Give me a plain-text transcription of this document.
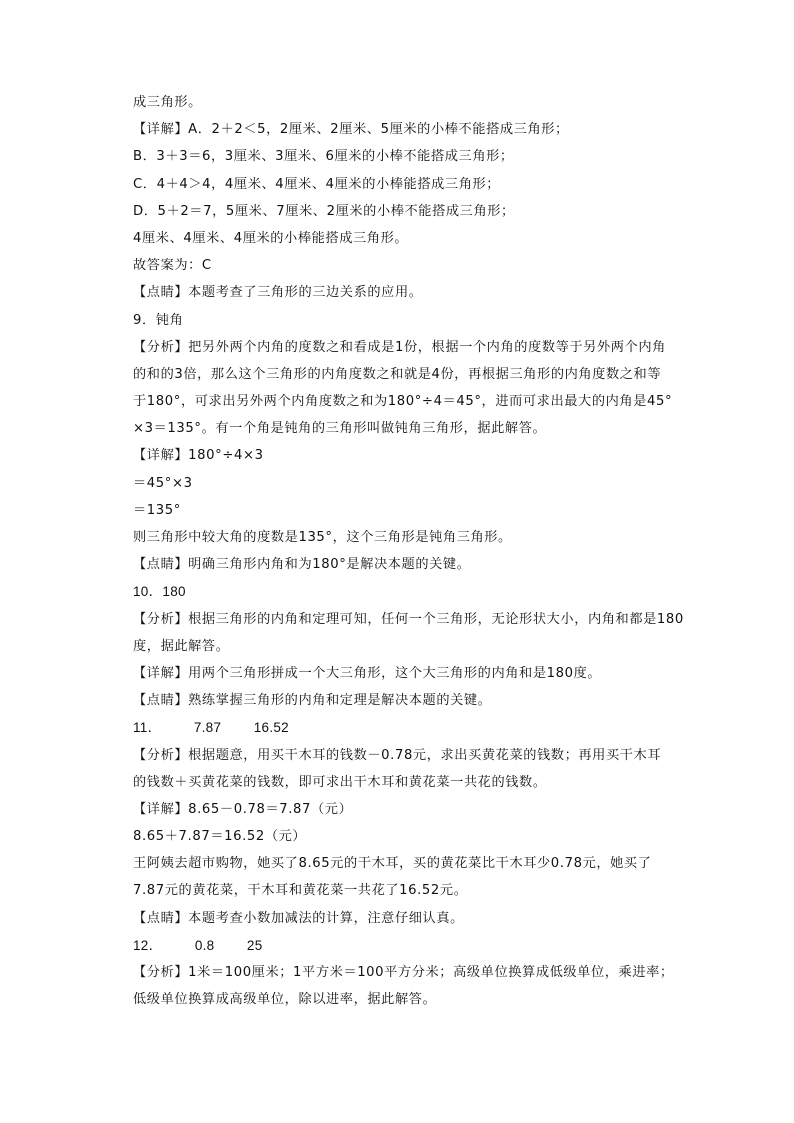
成三角形。
【详解】A．2＋2＜5，2厘米、2厘米、5厘米的小棒不能搭成三角形；
B．3＋3＝6，3厘米、3厘米、6厘米的小棒不能搭成三角形；
C．4＋4＞4，4厘米、4厘米、4厘米的小棒能搭成三角形；
D．5＋2＝7，5厘米、7厘米、2厘米的小棒不能搭成三角形；
4厘米、4厘米、4厘米的小棒能搭成三角形。
故答案为：C
【点睛】本题考查了三角形的三边关系的应用。
9．钝角
【分析】把另外两个内角的度数之和看成是1份，根据一个内角的度数等于另外两个内角
的和的3倍，那么这个三角形的内角度数之和就是4份，再根据三角形的内角度数之和等
于180°，可求出另外两个内角度数之和为180°÷4＝45°，进而可求出最大的内角是45°
×3＝135°。有一个角是钝角的三角形叫做钝角三角形，据此解答。
【详解】180°÷4×3
＝45°×3
＝135°
则三角形中较大角的度数是135°，这个三角形是钝角三角形。
【点睛】明确三角形内角和为180°是解决本题的关键。
10．180
【分析】根据三角形的内角和定理可知，任何一个三角形，无论形状大小，内角和都是180
度，据此解答。
【详解】用两个三角形拼成一个大三角形，这个大三角形的内角和是180度。
【点睛】熟练掌握三角形的内角和定理是解决本题的关键。
11．        7.87        16.52
【分析】根据题意，用买干木耳的钱数－0.78元，求出买黄花菜的钱数；再用买干木耳
的钱数＋买黄花菜的钱数，即可求出干木耳和黄花菜一共花的钱数。
【详解】8.65－0.78＝7.87（元）
8.65＋7.87＝16.52（元）
王阿姨去超市购物，她买了8.65元的干木耳，买的黄花菜比干木耳少0.78元，她买了
7.87元的黄花菜，干木耳和黄花菜一共花了16.52元。
【点睛】本题考查小数加减法的计算，注意仔细认真。
12．        0.8        25
【分析】1米＝100厘米；1平方米＝100平方分米；高级单位换算成低级单位，乘进率；
低级单位换算成高级单位，除以进率，据此解答。
